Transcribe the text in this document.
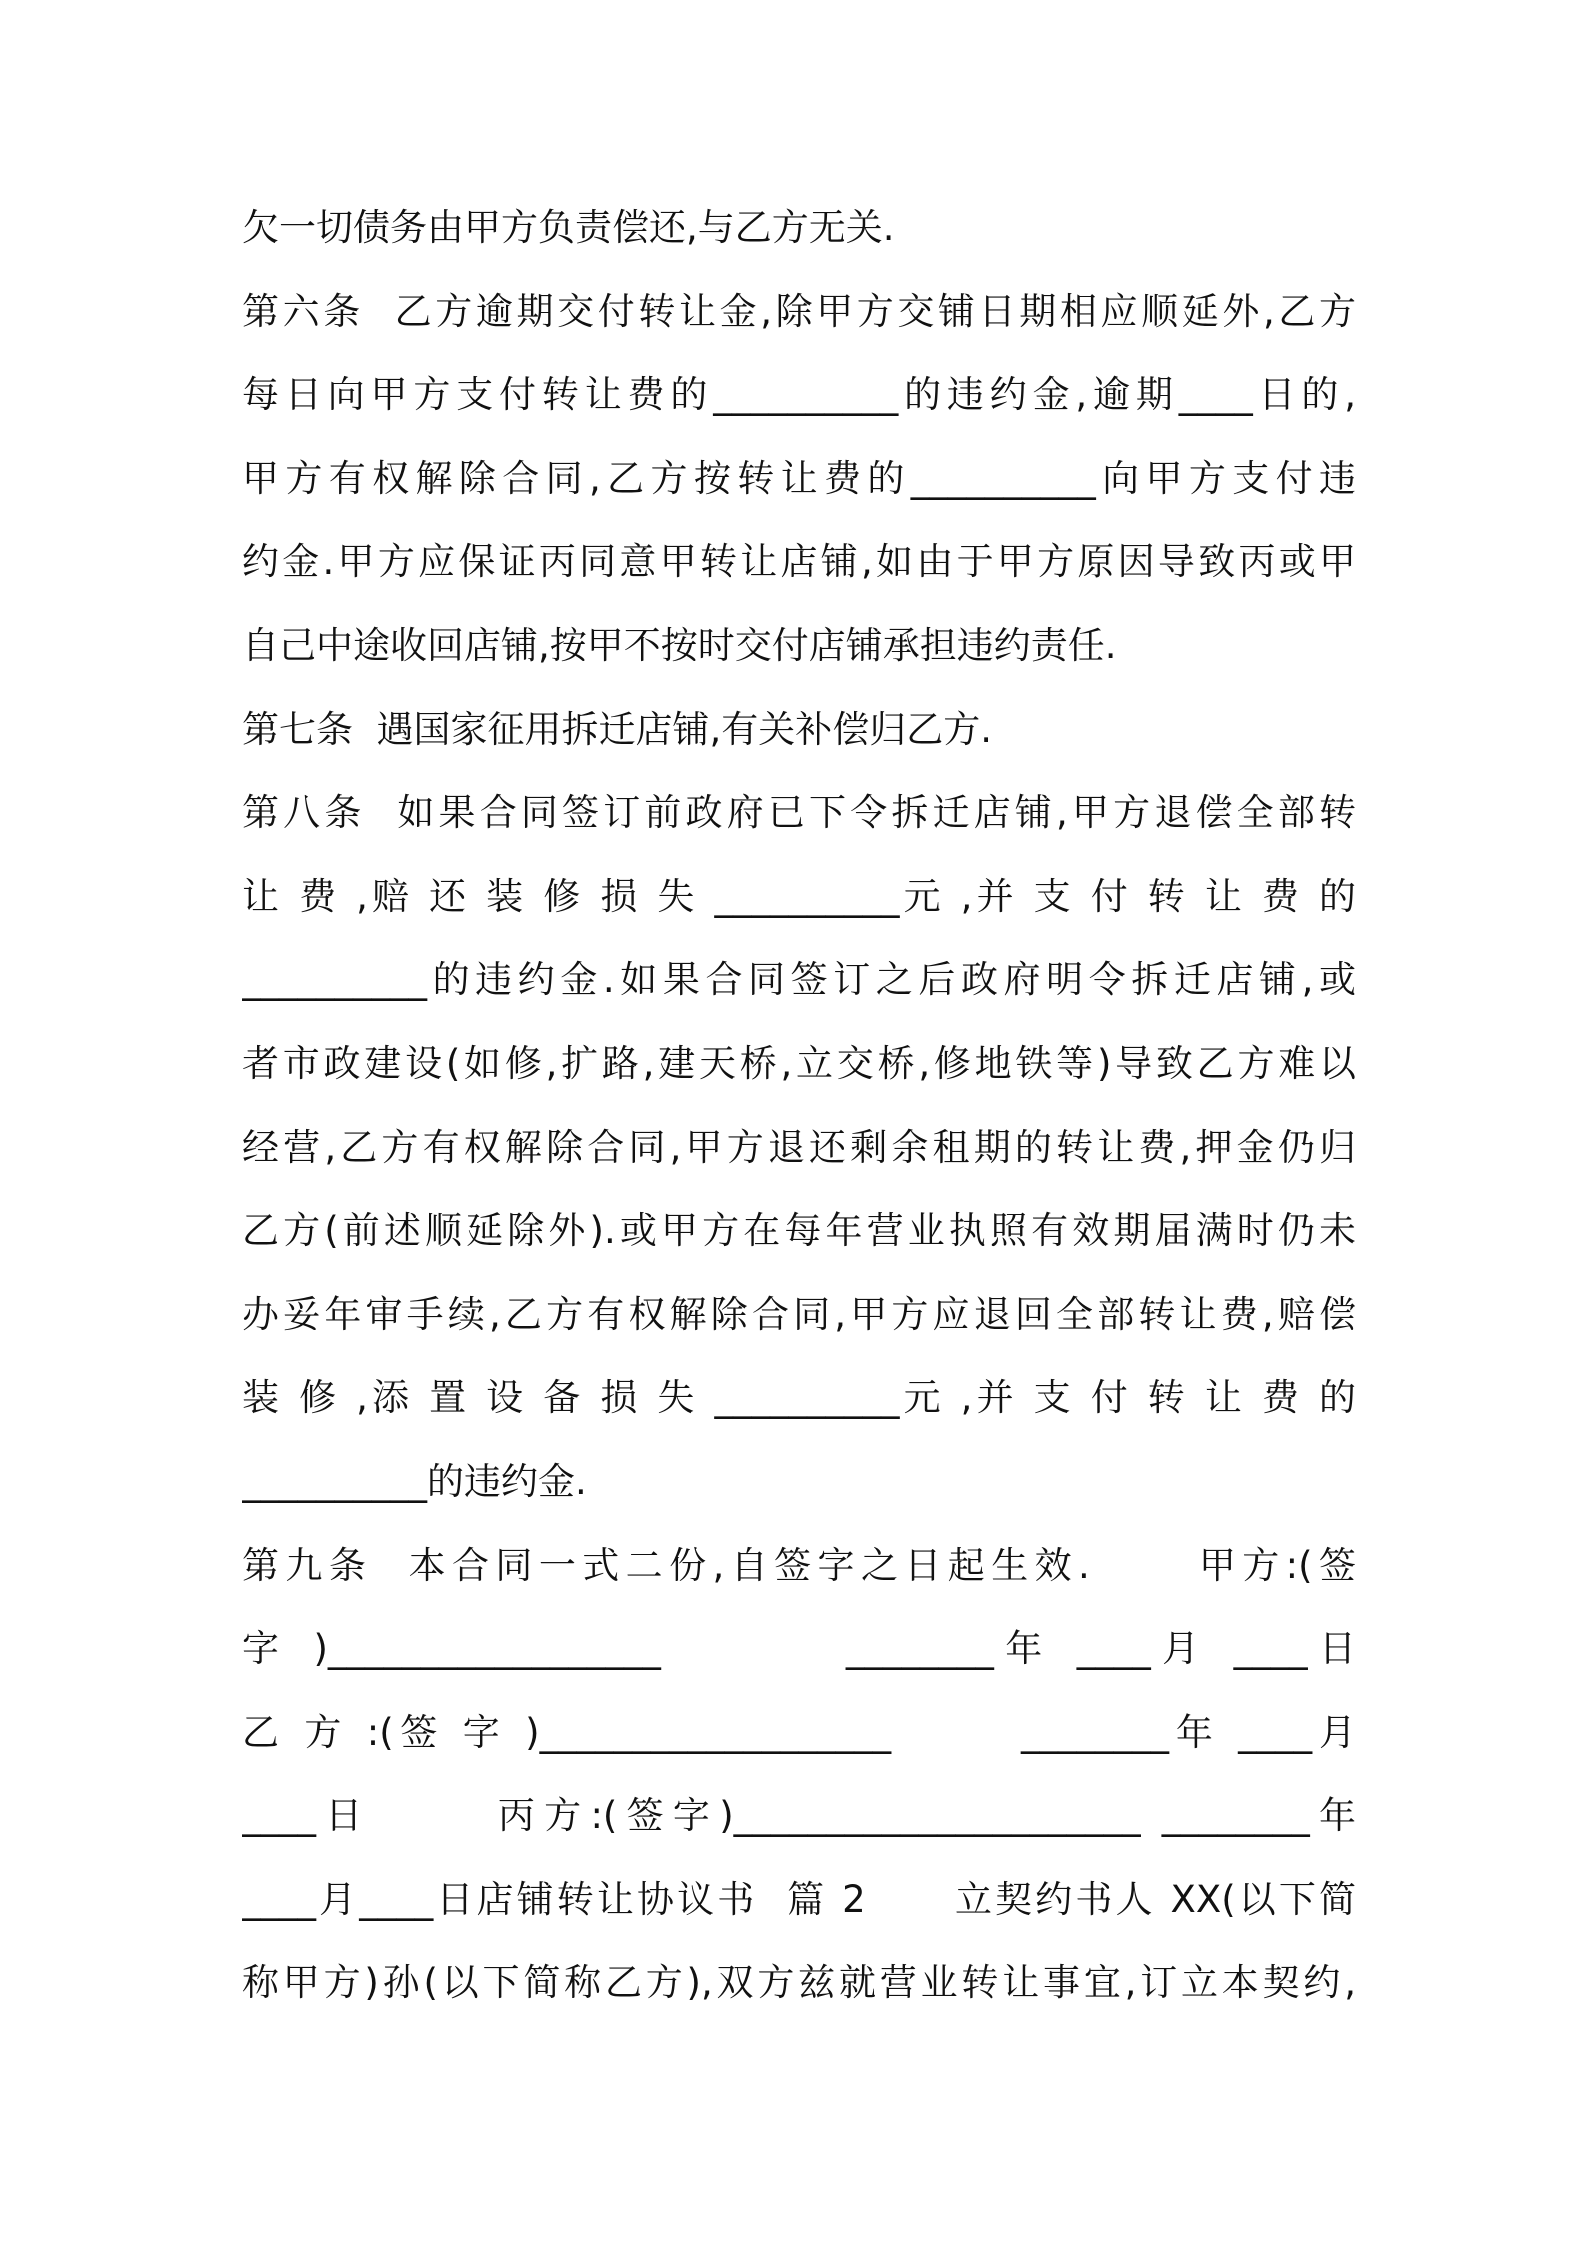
欠一切债务由甲方负责偿还,与乙方无关.
第六条  乙方逾期交付转让金,除甲方交铺日期相应顺延外,乙方
每日向甲方支付转让费的__________的违约金,逾期____日的,
甲方有权解除合同,乙方按转让费的__________向甲方支付违
约金.甲方应保证丙同意甲转让店铺,如由于甲方原因导致丙或甲
自己中途收回店铺,按甲不按时交付店铺承担违约责任.
第七条  遇国家征用拆迁店铺,有关补偿归乙方.
第八条  如果合同签订前政府已下令拆迁店铺,甲方退偿全部转
让 费 ,赔 还 装 修 损 失 __________元 ,并 支 付 转 让 费 的
__________的违约金.如果合同签订之后政府明令拆迁店铺,或
者市政建设(如修,扩路,建天桥,立交桥,修地铁等)导致乙方难以
经营,乙方有权解除合同,甲方退还剩余租期的转让费,押金仍归
乙方(前述顺延除外).或甲方在每年营业执照有效期届满时仍未
办妥年审手续,乙方有权解除合同,甲方应退回全部转让费,赔偿
装 修 ,添 置 设 备 损 失 __________元 ,并 支 付 转 让 费 的
__________的违约金.
第九条  本合同一式二份,自签字之日起生效.      甲方:(签
字 )__________________        ________年 ____月 ____日
乙 方 :(签 字 )___________________       ________年 ____月
____日      丙方:(签字)______________________ ________年
____月____日店铺转让协议书  篇 2      立契约书人 XX(以下简
称甲方)孙(以下简称乙方),双方兹就营业转让事宜,订立本契约,
